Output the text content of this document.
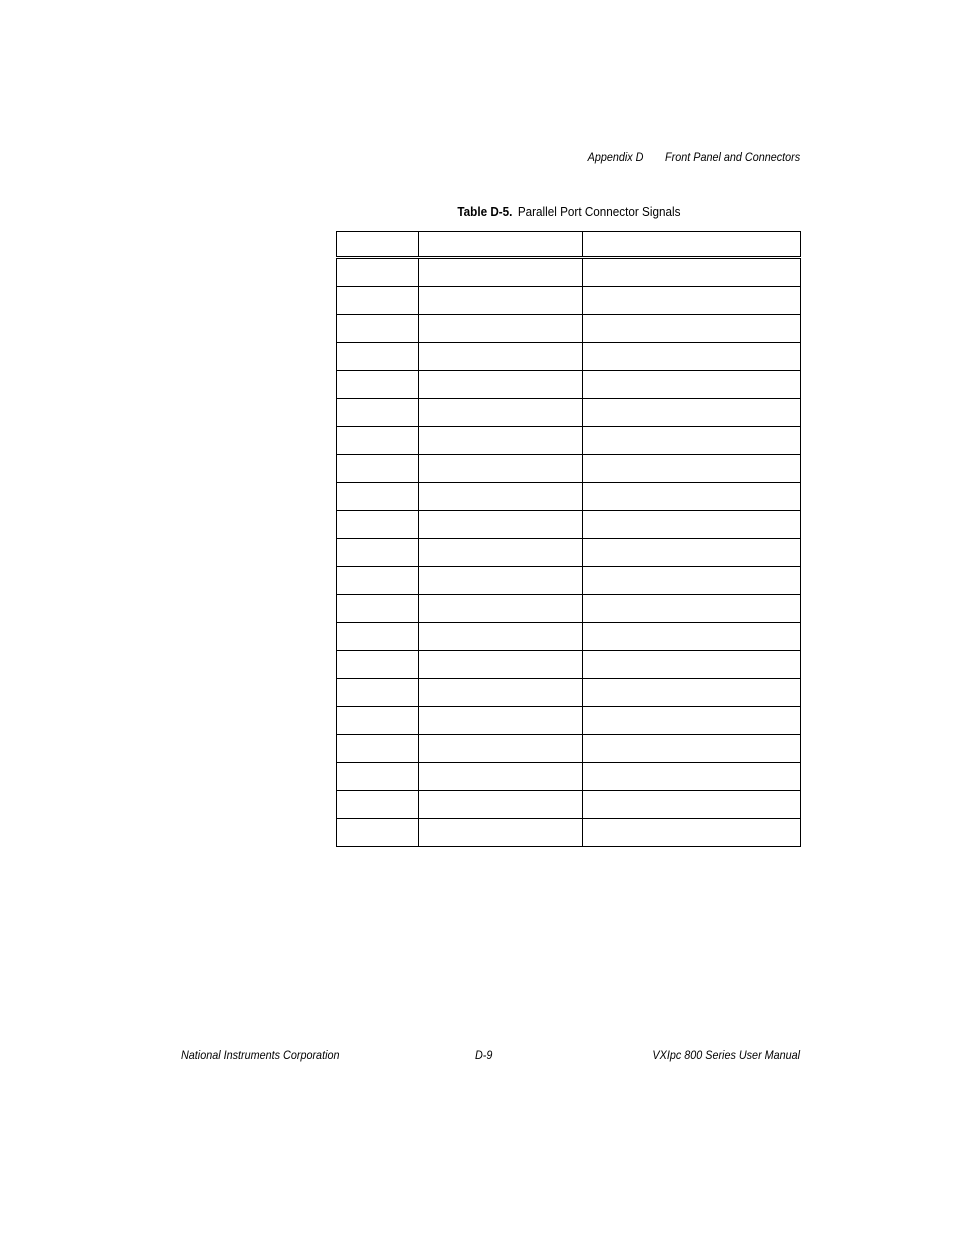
Appendix D Front Panel and Connectors
Table D-5. Parallel Port Connector Signals

National Instruments Corporation	D-9	VXIpc 800 Series User Manual
